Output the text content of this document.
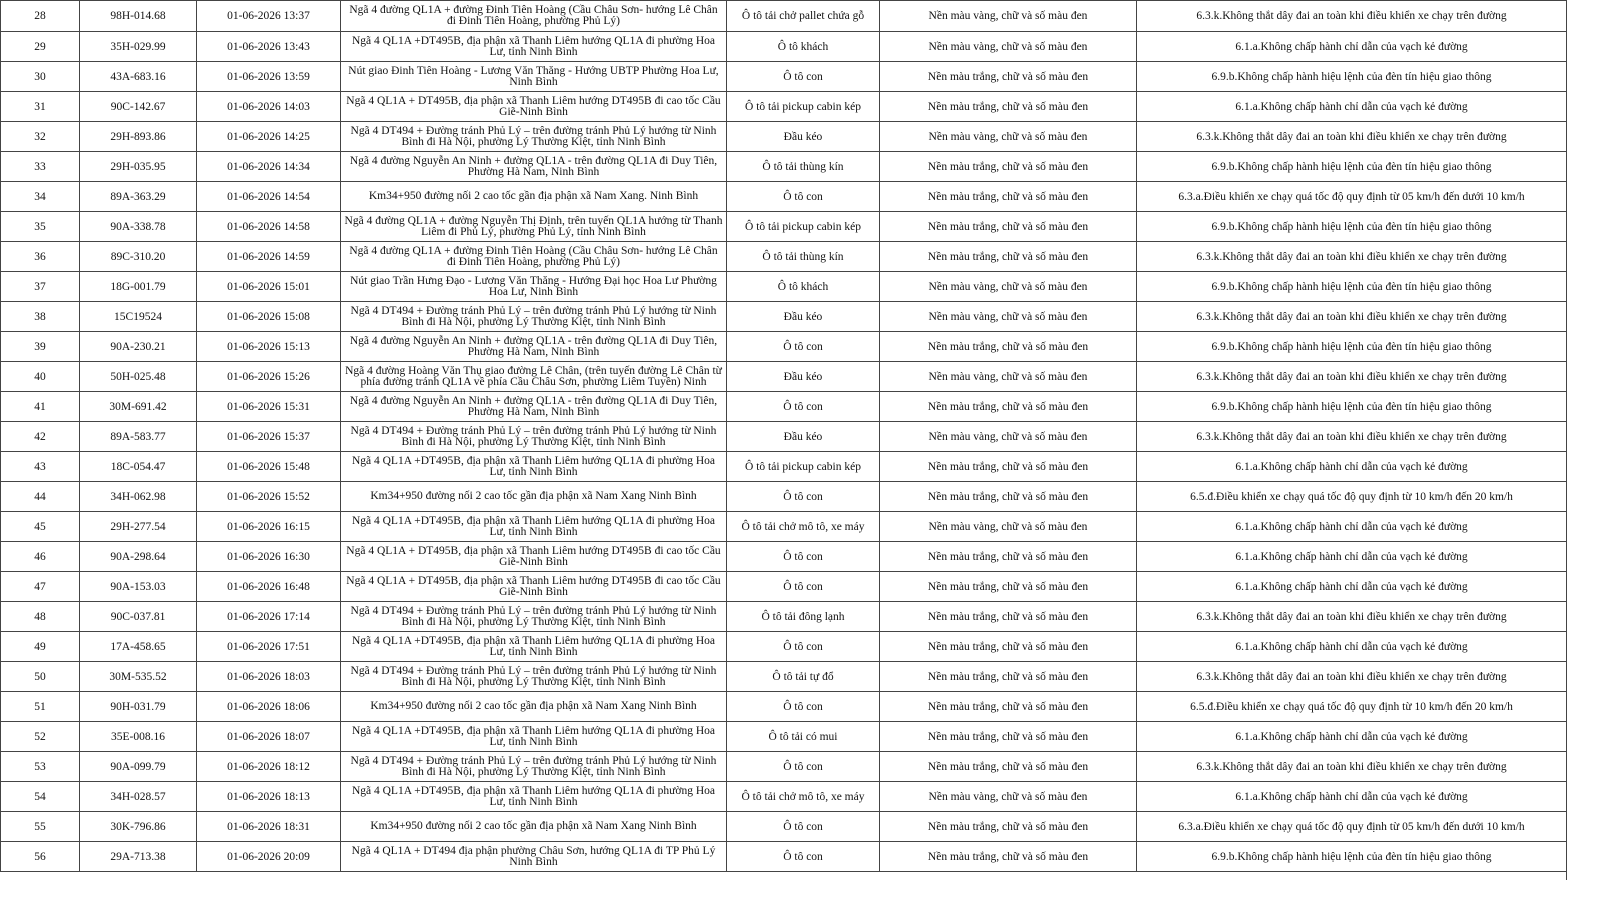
28	98H-014.68	01-06-2026 13:37	Ngã 4 đường QL1A + đường Đinh Tiên Hoàng (Cầu Châu Sơn- hướng Lê Chân đi Đinh Tiên Hoàng, phường Phủ Lý)	Ô tô tải chở pallet chứa gỗ	Nền màu vàng, chữ và số màu đen	6.3.k.Không thắt dây đai an toàn khi điều khiển xe chạy trên đường
29	35H-029.99	01-06-2026 13:43	Ngã 4 QL1A +DT495B, địa phận xã Thanh Liêm hướng QL1A đi phường Hoa Lư, tỉnh Ninh Bình	Ô tô khách	Nền màu vàng, chữ và số màu đen	6.1.a.Không chấp hành chỉ dẫn của vạch kẻ đường
30	43A-683.16	01-06-2026 13:59	Nút giao Đinh Tiên Hoàng - Lương Văn Thăng - Hướng UBTP Phường Hoa Lư, Ninh Bình	Ô tô con	Nền màu trắng, chữ và số màu đen	6.9.b.Không chấp hành hiệu lệnh của đèn tín hiệu giao thông
31	90C-142.67	01-06-2026 14:03	Ngã 4 QL1A + DT495B, địa phận xã Thanh Liêm hướng DT495B đi cao tốc Cầu Giẽ-Ninh Bình	Ô tô tải pickup cabin kép	Nền màu trắng, chữ và số màu đen	6.1.a.Không chấp hành chỉ dẫn của vạch kẻ đường
32	29H-893.86	01-06-2026 14:25	Ngã 4 DT494 + Đường tránh Phủ Lý – trên đường tránh Phủ Lý hướng từ Ninh Bình đi Hà Nội, phường Lý Thường Kiệt, tỉnh Ninh Bình	Đầu kéo	Nền màu vàng, chữ và số màu đen	6.3.k.Không thắt dây đai an toàn khi điều khiển xe chạy trên đường
33	29H-035.95	01-06-2026 14:34	Ngã 4 đường Nguyễn An Ninh + đường QL1A - trên đường QL1A đi Duy Tiên, Phường Hà Nam, Ninh Bình	Ô tô tải thùng kín	Nền màu trắng, chữ và số màu đen	6.9.b.Không chấp hành hiệu lệnh của đèn tín hiệu giao thông
34	89A-363.29	01-06-2026 14:54	Km34+950 đường nối 2 cao tốc gần địa phận xã Nam Xang. Ninh Bình	Ô tô con	Nền màu trắng, chữ và số màu đen	6.3.a.Điều khiển xe chạy quá tốc độ quy định từ 05 km/h đến dưới 10 km/h
35	90A-338.78	01-06-2026 14:58	Ngã 4 đường QL1A + đường Nguyễn Thị Định, trên tuyến QL1A hướng từ Thanh Liêm đi Phủ Lý, phường Phủ Lý, tỉnh Ninh Bình	Ô tô tải pickup cabin kép	Nền màu trắng, chữ và số màu đen	6.9.b.Không chấp hành hiệu lệnh của đèn tín hiệu giao thông
36	89C-310.20	01-06-2026 14:59	Ngã 4 đường QL1A + đường Đinh Tiên Hoàng (Cầu Châu Sơn- hướng Lê Chân đi Đinh Tiên Hoàng, phường Phủ Lý)	Ô tô tải thùng kín	Nền màu trắng, chữ và số màu đen	6.3.k.Không thắt dây đai an toàn khi điều khiển xe chạy trên đường
37	18G-001.79	01-06-2026 15:01	Nút giao Trần Hưng Đạo - Lương Văn Thăng - Hướng Đại học Hoa Lư Phường Hoa Lư, Ninh Bình	Ô tô khách	Nền màu vàng, chữ và số màu đen	6.9.b.Không chấp hành hiệu lệnh của đèn tín hiệu giao thông
38	15C19524	01-06-2026 15:08	Ngã 4 DT494 + Đường tránh Phủ Lý – trên đường tránh Phủ Lý hướng từ Ninh Bình đi Hà Nội, phường Lý Thường Kiệt, tỉnh Ninh Bình	Đầu kéo	Nền màu vàng, chữ và số màu đen	6.3.k.Không thắt dây đai an toàn khi điều khiển xe chạy trên đường
39	90A-230.21	01-06-2026 15:13	Ngã 4 đường Nguyễn An Ninh + đường QL1A - trên đường QL1A đi Duy Tiên, Phường Hà Nam, Ninh Bình	Ô tô con	Nền màu trắng, chữ và số màu đen	6.9.b.Không chấp hành hiệu lệnh của đèn tín hiệu giao thông
40	50H-025.48	01-06-2026 15:26	Ngã 4 đường Hoàng Văn Thụ giao đường Lê Chân, (trên tuyến đường Lê Chân từ phía đường tránh QL1A về phía Cầu Châu Sơn, phường Liêm Tuyền) Ninh	Đầu kéo	Nền màu vàng, chữ và số màu đen	6.3.k.Không thắt dây đai an toàn khi điều khiển xe chạy trên đường
41	30M-691.42	01-06-2026 15:31	Ngã 4 đường Nguyễn An Ninh + đường QL1A - trên đường QL1A đi Duy Tiên, Phường Hà Nam, Ninh Bình	Ô tô con	Nền màu trắng, chữ và số màu đen	6.9.b.Không chấp hành hiệu lệnh của đèn tín hiệu giao thông
42	89A-583.77	01-06-2026 15:37	Ngã 4 DT494 + Đường tránh Phủ Lý – trên đường tránh Phủ Lý hướng từ Ninh Bình đi Hà Nội, phường Lý Thường Kiệt, tỉnh Ninh Bình	Đầu kéo	Nền màu vàng, chữ và số màu đen	6.3.k.Không thắt dây đai an toàn khi điều khiển xe chạy trên đường
43	18C-054.47	01-06-2026 15:48	Ngã 4 QL1A +DT495B, địa phận xã Thanh Liêm hướng QL1A đi phường Hoa Lư, tỉnh Ninh Bình	Ô tô tải pickup cabin kép	Nền màu trắng, chữ và số màu đen	6.1.a.Không chấp hành chỉ dẫn của vạch kẻ đường
44	34H-062.98	01-06-2026 15:52	Km34+950 đường nối 2 cao tốc gần địa phận xã Nam Xang Ninh Bình	Ô tô con	Nền màu trắng, chữ và số màu đen	6.5.đ.Điều khiển xe chạy quá tốc độ quy định từ 10 km/h đến 20 km/h
45	29H-277.54	01-06-2026 16:15	Ngã 4 QL1A +DT495B, địa phận xã Thanh Liêm hướng QL1A đi phường Hoa Lư, tỉnh Ninh Bình	Ô tô tải chở mô tô, xe máy	Nền màu vàng, chữ và số màu đen	6.1.a.Không chấp hành chỉ dẫn của vạch kẻ đường
46	90A-298.64	01-06-2026 16:30	Ngã 4 QL1A + DT495B, địa phận xã Thanh Liêm hướng DT495B đi cao tốc Cầu Giẽ-Ninh Bình	Ô tô con	Nền màu trắng, chữ và số màu đen	6.1.a.Không chấp hành chỉ dẫn của vạch kẻ đường
47	90A-153.03	01-06-2026 16:48	Ngã 4 QL1A + DT495B, địa phận xã Thanh Liêm hướng DT495B đi cao tốc Cầu Giẽ-Ninh Bình	Ô tô con	Nền màu trắng, chữ và số màu đen	6.1.a.Không chấp hành chỉ dẫn của vạch kẻ đường
48	90C-037.81	01-06-2026 17:14	Ngã 4 DT494 + Đường tránh Phủ Lý – trên đường tránh Phủ Lý hướng từ Ninh Bình đi Hà Nội, phường Lý Thường Kiệt, tỉnh Ninh Bình	Ô tô tải đông lạnh	Nền màu trắng, chữ và số màu đen	6.3.k.Không thắt dây đai an toàn khi điều khiển xe chạy trên đường
49	17A-458.65	01-06-2026 17:51	Ngã 4 QL1A +DT495B, địa phận xã Thanh Liêm hướng QL1A đi phường Hoa Lư, tỉnh Ninh Bình	Ô tô con	Nền màu trắng, chữ và số màu đen	6.1.a.Không chấp hành chỉ dẫn của vạch kẻ đường
50	30M-535.52	01-06-2026 18:03	Ngã 4 DT494 + Đường tránh Phủ Lý – trên đường tránh Phủ Lý hướng từ Ninh Bình đi Hà Nội, phường Lý Thường Kiệt, tỉnh Ninh Bình	Ô tô tải tự đổ	Nền màu trắng, chữ và số màu đen	6.3.k.Không thắt dây đai an toàn khi điều khiển xe chạy trên đường
51	90H-031.79	01-06-2026 18:06	Km34+950 đường nối 2 cao tốc gần địa phận xã Nam Xang Ninh Bình	Ô tô con	Nền màu trắng, chữ và số màu đen	6.5.đ.Điều khiển xe chạy quá tốc độ quy định từ 10 km/h đến 20 km/h
52	35E-008.16	01-06-2026 18:07	Ngã 4 QL1A +DT495B, địa phận xã Thanh Liêm hướng QL1A đi phường Hoa Lư, tỉnh Ninh Bình	Ô tô tải có mui	Nền màu trắng, chữ và số màu đen	6.1.a.Không chấp hành chỉ dẫn của vạch kẻ đường
53	90A-099.79	01-06-2026 18:12	Ngã 4 DT494 + Đường tránh Phủ Lý – trên đường tránh Phủ Lý hướng từ Ninh Bình đi Hà Nội, phường Lý Thường Kiệt, tỉnh Ninh Bình	Ô tô con	Nền màu trắng, chữ và số màu đen	6.3.k.Không thắt dây đai an toàn khi điều khiển xe chạy trên đường
54	34H-028.57	01-06-2026 18:13	Ngã 4 QL1A +DT495B, địa phận xã Thanh Liêm hướng QL1A đi phường Hoa Lư, tỉnh Ninh Bình	Ô tô tải chở mô tô, xe máy	Nền màu vàng, chữ và số màu đen	6.1.a.Không chấp hành chỉ dẫn của vạch kẻ đường
55	30K-796.86	01-06-2026 18:31	Km34+950 đường nối 2 cao tốc gần địa phận xã Nam Xang Ninh Bình	Ô tô con	Nền màu trắng, chữ và số màu đen	6.3.a.Điều khiển xe chạy quá tốc độ quy định từ 05 km/h đến dưới 10 km/h
56	29A-713.38	01-06-2026 20:09	Ngã 4 QL1A + DT494 địa phận phường Châu Sơn, hướng QL1A đi TP Phủ Lý Ninh Bình	Ô tô con	Nền màu trắng, chữ và số màu đen	6.9.b.Không chấp hành hiệu lệnh của đèn tín hiệu giao thông
